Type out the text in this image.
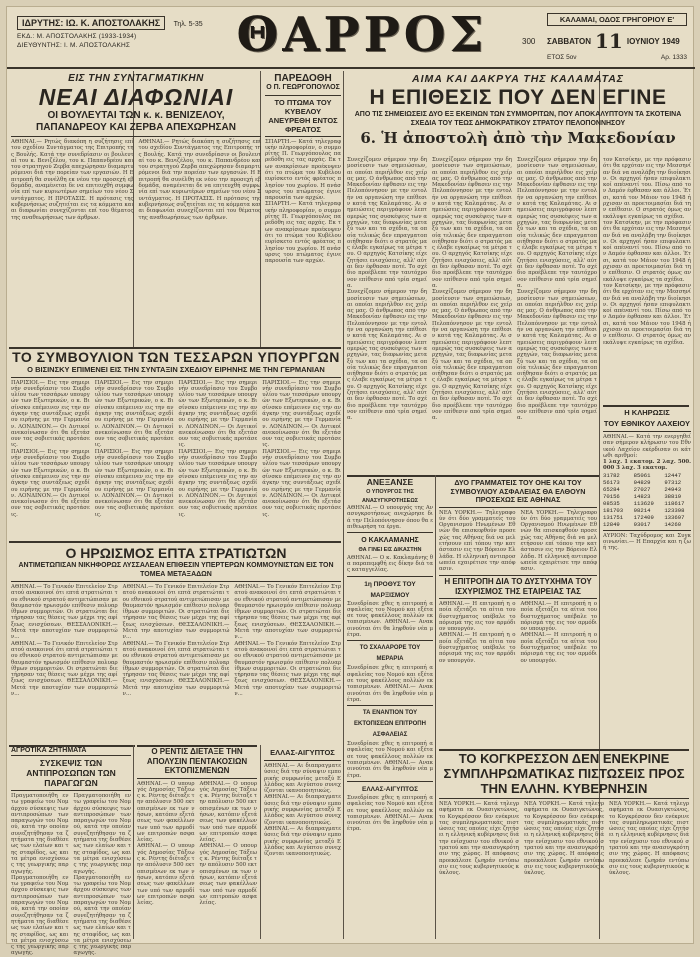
ΙΔΡΥΤΗΣ: ΙΩ. Κ. ΑΠΟΣΤΟΛΑΚΗΣ Τηλ. 5-35
ΕΚΔ.: Μ. ΑΠΟΣΤΟΛΑΚΗΣ (1933-1934)
ΔΙΕΥΘΥΝΤΗΣ: Ι. Μ. ΑΠΟΣΤΟΛΑΚΗΣ	ΘΑΡΡΟΣ	300
ΚΑΛΑΜΑΙ, ΟΔΟΣ ΓΡΗΓΟΡΙΟΥ Ε'
ΣΑΒΒΑΤΟΝ 11 ΙΟΥΝΙΟΥ 1949
ΕΤΟΣ 5ον	Αρ. 1333
ΕΙΣ ΤΗΝ ΣΥΝΤΑΓΜΑΤΙΚΗΝ
ΝΕΑΙ ΔΙΑΦΩΝΙΑΙ
ΟΙ ΒΟΥΛΕΥΤΑΙ ΤΩΝ κ. κ. ΒΕΝΙΖΕΛΟΥ, ΠΑΠΑΝΔΡΕΟΥ ΚΑΙ ΖΕΡΒΑ ΑΠΕΧΩΡΗΣΑΝ

ΑΘΗΝΑΙ.— Ρητώς διακόπη η συζήτησις επί του σχεδίου Συντάγματος της Επιτροπής της Βουλής. Κατά την συνεδρίασιν οι βουλευταί του κ. Βενιζέλου, του κ. Παπανδρέου και του στρατηγού Ζερβα απεχώρησαν διαμαρτυρόμενοι διά την πορείαν των εργασιών. Η Επιτροπή θα συνέλθη εκ νέου την προσεχή εβδομάδα, αναμένεται δε να επιτευχθή συμφωνία επί των κυριωτέρων σημείων του νέου Συντάγματος. Η ΠΡΟΤΑΣΙΣ. Η πρότασις της κυβερνήσεως συζητείται εις τα κόμματα και αι διαφωνίαι συνεχίζονται επί του θέματος της αναθεωρήσεως των άρθρων.

ΑΘΗΝΑΙ.— Ρητώς διακόπη η συζήτησις επί του σχεδίου Συντάγματος της Επιτροπής της Βουλής. Κατά την συνεδρίασιν οι βουλευταί του κ. Βενιζέλου, του κ. Παπανδρέου και του στρατηγού Ζερβα απεχώρησαν διαμαρτυρόμενοι διά την πορείαν των εργασιών. Η Επιτροπή θα συνέλθη εκ νέου την προσεχή εβδομάδα, αναμένεται δε να επιτευχθή συμφωνία επί των κυριωτέρων σημείων του νέου Συντάγματος. Η ΠΡΟΤΑΣΙΣ. Η πρότασις της κυβερνήσεως συζητείται εις τα κόμματα και αι διαφωνίαι συνεχίζονται επί του θέματος της αναθεωρήσεως των άρθρων.

ΠΑΡΕΔΟΘΗ
Ο Π. ΓΕΩΡΓΟΠΟΥΛΟΣ
ΤΟ ΠΤΩΜΑ ΤΟΥ ΚΥΒΕΛΟΥ ΑΝΕΥΡΕΘΗ ΕΝΤΟΣ ΦΡΕΑΤΟΣ

ΣΠΑΡΤΗ.— Κατά τηλεγραφικήν πληροφορίαν, ο συμμορίτης Π. Γεωργόπουλος παρεδόθη εις τας αρχάς. Εκ των ανακρίσεων προέκυψεν ότι το πτώμα του Κυβέλου ευρίσκετο εντός φρέατος πλησίον του χωρίου. Η ανάσυρσις του πτώματος έγινε παρουσία των αρχών.

ΣΠΑΡΤΗ.— Κατά τηλεγραφικήν πληροφορίαν, ο συμμορίτης Π. Γεωργόπουλος παρεδόθη εις τας αρχάς. Εκ των ανακρίσεων προέκυψεν ότι το πτώμα του Κυβέλου ευρίσκετο εντός φρέατος πλησίον του χωρίου. Η ανάσυρσις του πτώματος έγινε παρουσία των αρχών.

ΑΙΜΑ ΚΑΙ ΔΑΚΡΥΑ ΤΗΣ ΚΑΛΑΜΑΤΑΣ
Η ΕΠΙΘΕΣΙΣ ΠΟΥ ΔΕΝ ΕΓΙΝΕ
ΑΠΟ ΤΙΣ ΣΗΜΕΙΩΣΕΙΣ ΔΥΟ ΕΞ ΕΚΕΙΝΩΝ ΤΩΝ ΣΥΜΜΟΡΙΤΩΝ, ΠΟΥ ΑΠΟΚΑΛΥΠΤΟΥΝ ΤΑ ΣΚΟΤΕΙΝΑ ΣΧΕΔΙΑ ΤΟΥ ΤΕΩΣ ΔΗΜΟΚΡΑΤΙΚΟΥ ΣΤΡΑΤΟΥ ΠΕΛΟΠΟΝΝΗΣΟΥ
6. Ἡ ἀποστολὴ ἀπὸ τὴν Μακεδονίαν

Συνεχίζομεν σήμερον την δημοσίευσιν των σημειώσεων, αι οποίαι περιήλθον εις χείρας μας. Ο άνθρωπος από την Μακεδονίαν έφθασεν εις την Πελοπόννησον με την εντολήν να οργανώση την επίθεσιν κατά της Καλαμάτας. Αι σημειώσεις περιγράφουν λεπτομερώς τας συσκέψεις των αρχηγών, τας διαφωνίας μεταξύ των και τα σχέδια, τα οποία τελικώς δεν επραγματοποιήθησαν διότι ο στρατός μας έλαβε εγκαίρως τα μέτρα του. Ο αρχηγός Κατσίκης είχε ζητήσει ενισχύσεις, αλλ' αύται δεν έφθασαν ποτέ. Το σχέδιο προέβλεπε την ταυτόχρονον επίθεσιν από τρία σημεία.

Συνεχίζομεν σήμερον την δημοσίευσιν των σημειώσεων, αι οποίαι περιήλθον εις χείρας μας. Ο άνθρωπος από την Μακεδονίαν έφθασεν εις την Πελοπόννησον με την εντολήν να οργανώση την επίθεσιν κατά της Καλαμάτας. Αι σημειώσεις περιγράφουν λεπτομερώς τας συσκέψεις των αρχηγών, τας διαφωνίας μεταξύ των και τα σχέδια, τα οποία τελικώς δεν επραγματοποιήθησαν διότι ο στρατός μας έλαβε εγκαίρως τα μέτρα του. Ο αρχηγός Κατσίκης είχε ζητήσει ενισχύσεις, αλλ' αύται δεν έφθασαν ποτέ. Το σχέδιο προέβλεπε την ταυτόχρονον επίθεσιν από τρία σημεία.

Συνεχίζομεν σήμερον την δημοσίευσιν των σημειώσεων, αι οποίαι περιήλθον εις χείρας μας. Ο άνθρωπος από την Μακεδονίαν έφθασεν εις την Πελοπόννησον με την εντολήν να οργανώση την επίθεσιν κατά της Καλαμάτας. Αι σημειώσεις περιγράφουν λεπτομερώς τας συσκέψεις των αρχηγών, τας διαφωνίας μεταξύ των και τα σχέδια, τα οποία τελικώς δεν επραγματοποιήθησαν διότι ο στρατός μας έλαβε εγκαίρως τα μέτρα του. Ο αρχηγός Κατσίκης είχε ζητήσει ενισχύσεις, αλλ' αύται δεν έφθασαν ποτέ. Το σχέδιο προέβλεπε την ταυτόχρονον επίθεσιν από τρία σημεία.

Συνεχίζομεν σήμερον την δημοσίευσιν των σημειώσεων, αι οποίαι περιήλθον εις χείρας μας. Ο άνθρωπος από την Μακεδονίαν έφθασεν εις την Πελοπόννησον με την εντολήν να οργανώση την επίθεσιν κατά της Καλαμάτας. Αι σημειώσεις περιγράφουν λεπτομερώς τας συσκέψεις των αρχηγών, τας διαφωνίας μεταξύ των και τα σχέδια, τα οποία τελικώς δεν επραγματοποιήθησαν διότι ο στρατός μας έλαβε εγκαίρως τα μέτρα του. Ο αρχηγός Κατσίκης είχε ζητήσει ενισχύσεις, αλλ' αύται δεν έφθασαν ποτέ. Το σχέδιο προέβλεπε την ταυτόχρονον επίθεσιν από τρία σημεία.

Συνεχίζομεν σήμερον την δημοσίευσιν των σημειώσεων, αι οποίαι περιήλθον εις χείρας μας. Ο άνθρωπος από την Μακεδονίαν έφθασεν εις την Πελοπόννησον με την εντολήν να οργανώση την επίθεσιν κατά της Καλαμάτας. Αι σημειώσεις περιγράφουν λεπτομερώς τας συσκέψεις των αρχηγών, τας διαφωνίας μεταξύ των και τα σχέδια, τα οποία τελικώς δεν επραγματοποιήθησαν διότι ο στρατός μας έλαβε εγκαίρως τα μέτρα του. Ο αρχηγός Κατσίκης είχε ζητήσει ενισχύσεις, αλλ' αύται δεν έφθασαν ποτέ. Το σχέδιο προέβλεπε την ταυτόχρονον επίθεσιν από τρία σημεία.

Συνεχίζομεν σήμερον την δημοσίευσιν των σημειώσεων, αι οποίαι περιήλθον εις χείρας μας. Ο άνθρωπος από την Μακεδονίαν έφθασεν εις την Πελοπόννησον με την εντολήν να οργανώση την επίθεσιν κατά της Καλαμάτας. Αι σημειώσεις περιγράφουν λεπτομερώς τας συσκέψεις των αρχηγών, τας διαφωνίας μεταξύ των και τα σχέδια, τα οποία τελικώς δεν επραγματοποιήθησαν διότι ο στρατός μας έλαβε εγκαίρως τα μέτρα του. Ο αρχηγός Κατσίκης είχε ζητήσει ενισχύσεις, αλλ' αύται δεν έφθασαν ποτέ. Το σχέδιο προέβλεπε την ταυτόχρονον επίθεσιν από τρία σημεία.

τον Κατσίκην, με την πρόφασιν ότι θα ερχόταν εις την Μεσσηνίαν διά να αναλάβη την διοίκησιν. Οι αρχηγοί ήσαν επιφυλακτικοί απέναντί του. Πίσω από τον Δαμόν έφθασαν και άλλοι. Έτσι, κατά τον Μάιον του 1948 ήρχισαν αι προετοιμασίαι διά την επίθεσιν. Ο στρατός όμως ανεκάλυψε εγκαίρως τα σχέδια.

τον Κατσίκην, με την πρόφασιν ότι θα ερχόταν εις την Μεσσηνίαν διά να αναλάβη την διοίκησιν. Οι αρχηγοί ήσαν επιφυλακτικοί απέναντί του. Πίσω από τον Δαμόν έφθασαν και άλλοι. Έτσι, κατά τον Μάιον του 1948 ήρχισαν αι προετοιμασίαι διά την επίθεσιν. Ο στρατός όμως ανεκάλυψε εγκαίρως τα σχέδια.

τον Κατσίκην, με την πρόφασιν ότι θα ερχόταν εις την Μεσσηνίαν διά να αναλάβη την διοίκησιν. Οι αρχηγοί ήσαν επιφυλακτικοί απέναντί του. Πίσω από τον Δαμόν έφθασαν και άλλοι. Έτσι, κατά τον Μάιον του 1948 ήρχισαν αι προετοιμασίαι διά την επίθεσιν. Ο στρατός όμως ανεκάλυψε εγκαίρως τα σχέδια.

ΤΟ ΣΥΜΒΟΥΛΙΟΝ ΤΩΝ ΤΕΣΣΑΡΩΝ ΥΠΟΥΡΓΩΝ
Ο ΒΙΣΙΝΣΚΥ ΕΠΙΜΕΝΕΙ ΕΙΣ ΤΗΝ ΣΥΝΤΑΞΙΝ ΣΧΕΔΙΟΥ ΕΙΡΗΝΗΣ ΜΕ ΤΗΝ ΓΕΡΜΑΝΙΑΝ

ΠΑΡΙΣΙΟΙ.— Εις την σημερινήν συνεδρίασιν του Συμβουλίου των τεσσάρων υπουργών των Εξωτερικών, ο κ. Βισίνσκυ επέμεινεν εις την ανάγκην της συντάξεως σχεδίου ειρήνης με την Γερμανίαν. ΛΟΝΔΙΝΟΝ.— Οι Δυτικοί ανεκοίνωσαν ότι θα εξετάσουν τας σοβιετικάς προτάσεις.

ΠΑΡΙΣΙΟΙ.— Εις την σημερινήν συνεδρίασιν του Συμβουλίου των τεσσάρων υπουργών των Εξωτερικών, ο κ. Βισίνσκυ επέμεινεν εις την ανάγκην της συντάξεως σχεδίου ειρήνης με την Γερμανίαν. ΛΟΝΔΙΝΟΝ.— Οι Δυτικοί ανεκοίνωσαν ότι θα εξετάσουν τας σοβιετικάς προτάσεις.

ΠΑΡΙΣΙΟΙ.— Εις την σημερινήν συνεδρίασιν του Συμβουλίου των τεσσάρων υπουργών των Εξωτερικών, ο κ. Βισίνσκυ επέμεινεν εις την ανάγκην της συντάξεως σχεδίου ειρήνης με την Γερμανίαν. ΛΟΝΔΙΝΟΝ.— Οι Δυτικοί ανεκοίνωσαν ότι θα εξετάσουν τας σοβιετικάς προτάσεις.

ΠΑΡΙΣΙΟΙ.— Εις την σημερινήν συνεδρίασιν του Συμβουλίου των τεσσάρων υπουργών των Εξωτερικών, ο κ. Βισίνσκυ επέμεινεν εις την ανάγκην της συντάξεως σχεδίου ειρήνης με την Γερμανίαν. ΛΟΝΔΙΝΟΝ.— Οι Δυτικοί ανεκοίνωσαν ότι θα εξετάσουν τας σοβιετικάς προτάσεις.

ΠΑΡΙΣΙΟΙ.— Εις την σημερινήν συνεδρίασιν του Συμβουλίου των τεσσάρων υπουργών των Εξωτερικών, ο κ. Βισίνσκυ επέμεινεν εις την ανάγκην της συντάξεως σχεδίου ειρήνης με την Γερμανίαν. ΛΟΝΔΙΝΟΝ.— Οι Δυτικοί ανεκοίνωσαν ότι θα εξετάσουν τας σοβιετικάς προτάσεις.

ΠΑΡΙΣΙΟΙ.— Εις την σημερινήν συνεδρίασιν του Συμβουλίου των τεσσάρων υπουργών των Εξωτερικών, ο κ. Βισίνσκυ επέμεινεν εις την ανάγκην της συντάξεως σχεδίου ειρήνης με την Γερμανίαν. ΛΟΝΔΙΝΟΝ.— Οι Δυτικοί ανεκοίνωσαν ότι θα εξετάσουν τας σοβιετικάς προτάσεις.

ΠΑΡΙΣΙΟΙ.— Εις την σημερινήν συνεδρίασιν του Συμβουλίου των τεσσάρων υπουργών των Εξωτερικών, ο κ. Βισίνσκυ επέμεινεν εις την ανάγκην της συντάξεως σχεδίου ειρήνης με την Γερμανίαν. ΛΟΝΔΙΝΟΝ.— Οι Δυτικοί ανεκοίνωσαν ότι θα εξετάσουν τας σοβιετικάς προτάσεις.

ΠΑΡΙΣΙΟΙ.— Εις την σημερινήν συνεδρίασιν του Συμβουλίου των τεσσάρων υπουργών των Εξωτερικών, ο κ. Βισίνσκυ επέμεινεν εις την ανάγκην της συντάξεως σχεδίου ειρήνης με την Γερμανίαν. ΛΟΝΔΙΝΟΝ.— Οι Δυτικοί ανεκοίνωσαν ότι θα εξετάσουν τας σοβιετικάς προτάσεις.

Ο ΗΡΩΙΣΜΟΣ ΕΠΤΑ ΣΤΡΑΤΙΩΤΩΝ
ΑΝΤΙΜΕΤΩΠΙΣΑΝ ΝΙΚΗΦΟΡΩΣ ΛΥΣΣΑΛΕΑΝ ΕΠΙΘΕΣΙΝ ΥΠΕΡΤΕΡΩΝ ΚΟΜΜΟΥΝΙΣΤΩΝ ΕΙΣ ΤΟΝ ΤΟΜΕΑ ΜΕΤΑΞΑΔΩΝ

ΑΘΗΝΑΙ.— Το Γενικόν Επιτελείον Στρατού ανακοινοί ότι επτά στρατιώται του εθνικού στρατού αντιμετώπισαν με θαυμαστόν ηρωισμόν επίθεσιν πολυαρίθμων συμμοριτών. Οι στρατιώται διετήρησαν τας θέσεις των μέχρι της αφίξεως ενισχύσεων. ΘΕΣΣΑΛΟΝΙΚΗ.— Μετά την αποτυχίαν των συμμοριτών...

ΑΘΗΝΑΙ.— Το Γενικόν Επιτελείον Στρατού ανακοινοί ότι επτά στρατιώται του εθνικού στρατού αντιμετώπισαν με θαυμαστόν ηρωισμόν επίθεσιν πολυαρίθμων συμμοριτών. Οι στρατιώται διετήρησαν τας θέσεις των μέχρι της αφίξεως ενισχύσεων. ΘΕΣΣΑΛΟΝΙΚΗ.— Μετά την αποτυχίαν των συμμοριτών...

ΑΘΗΝΑΙ.— Το Γενικόν Επιτελείον Στρατού ανακοινοί ότι επτά στρατιώται του εθνικού στρατού αντιμετώπισαν με θαυμαστόν ηρωισμόν επίθεσιν πολυαρίθμων συμμοριτών. Οι στρατιώται διετήρησαν τας θέσεις των μέχρι της αφίξεως ενισχύσεων. ΘΕΣΣΑΛΟΝΙΚΗ.— Μετά την αποτυχίαν των συμμοριτών...

ΑΘΗΝΑΙ.— Το Γενικόν Επιτελείον Στρατού ανακοινοί ότι επτά στρατιώται του εθνικού στρατού αντιμετώπισαν με θαυμαστόν ηρωισμόν επίθεσιν πολυαρίθμων συμμοριτών. Οι στρατιώται διετήρησαν τας θέσεις των μέχρι της αφίξεως ενισχύσεων. ΘΕΣΣΑΛΟΝΙΚΗ.— Μετά την αποτυχίαν των συμμοριτών...

ΑΘΗΝΑΙ.— Το Γενικόν Επιτελείον Στρατού ανακοινοί ότι επτά στρατιώται του εθνικού στρατού αντιμετώπισαν με θαυμαστόν ηρωισμόν επίθεσιν πολυαρίθμων συμμοριτών. Οι στρατιώται διετήρησαν τας θέσεις των μέχρι της αφίξεως ενισχύσεων. ΘΕΣΣΑΛΟΝΙΚΗ.— Μετά την αποτυχίαν των συμμοριτών...

ΑΘΗΝΑΙ.— Το Γενικόν Επιτελείον Στρατού ανακοινοί ότι επτά στρατιώται του εθνικού στρατού αντιμετώπισαν με θαυμαστόν ηρωισμόν επίθεσιν πολυαρίθμων συμμοριτών. Οι στρατιώται διετήρησαν τας θέσεις των μέχρι της αφίξεως ενισχύσεων. ΘΕΣΣΑΛΟΝΙΚΗ.— Μετά την αποτυχίαν των συμμοριτών...

ΑΓΡΟΤΙΚΑ ΖΗΤΗΜΑΤΑ
ΣΥΣΚΕΨΙΣ ΤΩΝ ΑΝΤΙΠΡΟΣΩΠΩΝ ΤΩΝ ΠΑΡΑΓΩΓΩΝ

Πραγματοποιήθη εν τω γραφείω του Νομάρχου σύσκεψις των αντιπροσώπων των παραγωγών του Νομού, κατά την οποίαν συνεζητήθησαν τα ζητήματα της διαθέσεως των ελαίων και της σταφίδος, ως και τα μέτρα ενισχύσεως της γεωργικής παραγωγής.

Πραγματοποιήθη εν τω γραφείω του Νομάρχου σύσκεψις των αντιπροσώπων των παραγωγών του Νομού, κατά την οποίαν συνεζητήθησαν τα ζητήματα της διαθέσεως των ελαίων και της σταφίδος, ως και τα μέτρα ενισχύσεως της γεωργικής παραγωγής.

Πραγματοποιήθη εν τω γραφείω του Νομάρχου σύσκεψις των αντιπροσώπων των παραγωγών του Νομού, κατά την οποίαν συνεζητήθησαν τα ζητήματα της διαθέσεως των ελαίων και της σταφίδος, ως και τα μέτρα ενισχύσεως της γεωργικής παραγωγής.

Πραγματοποιήθη εν τω γραφείω του Νομάρχου σύσκεψις των αντιπροσώπων των παραγωγών του Νομού, κατά την οποίαν συνεζητήθησαν τα ζητήματα της διαθέσεως των ελαίων και της σταφίδος, ως και τα μέτρα ενισχύσεως της γεωργικής παραγωγής.

Ο ΡΕΝΤΙΣ ΔΙΕΤΑΞΕ ΤΗΝ ΑΠΟΛΥΣΙΝ ΠΕΝΤΑΚΟΣΙΩΝ ΕΚΤΟΠΙΣΜΕΝΩΝ

ΑΘΗΝΑΙ.— Ο υπουργός Δημοσίας Τάξεως κ. Ρέντης διέταξε την απόλυσιν 500 εκτοπισμένων εκ των νήσων, κατόπιν εξετάσεως των φακέλλων των υπό των αρμοδίων επιτροπών ασφαλείας.

ΑΘΗΝΑΙ.— Ο υπουργός Δημοσίας Τάξεως κ. Ρέντης διέταξε την απόλυσιν 500 εκτοπισμένων εκ των νήσων, κατόπιν εξετάσεως των φακέλλων των υπό των αρμοδίων επιτροπών ασφαλείας.

ΑΘΗΝΑΙ.— Ο υπουργός Δημοσίας Τάξεως κ. Ρέντης διέταξε την απόλυσιν 500 εκτοπισμένων εκ των νήσων, κατόπιν εξετάσεως των φακέλλων των υπό των αρμοδίων επιτροπών ασφαλείας.

ΑΘΗΝΑΙ.— Ο υπουργός Δημοσίας Τάξεως κ. Ρέντης διέταξε την απόλυσιν 500 εκτοπισμένων εκ των νήσων, κατόπιν εξετάσεως των φακέλλων των υπό των αρμοδίων επιτροπών ασφαλείας.

ΕΛΛΑΣ-ΑΙΓΥΠΤΟΣ

ΑΘΗΝΑΙ.— Αι διαπραγματεύσεις διά την σύναψιν εμπορικής συμφωνίας μεταξύ Ελλάδος και Αιγύπτου συνεχίζονται ικανοποιητικώς.

ΑΘΗΝΑΙ.— Αι διαπραγματεύσεις διά την σύναψιν εμπορικής συμφωνίας μεταξύ Ελλάδος και Αιγύπτου συνεχίζονται ικανοποιητικώς.

ΑΘΗΝΑΙ.— Αι διαπραγματεύσεις διά την σύναψιν εμπορικής συμφωνίας μεταξύ Ελλάδος και Αιγύπτου συνεχίζονται ικανοποιητικώς.

ΑΝΕΞΑΝΣΕ
Ο ΥΠΟΥΡΓΟΣ ΤΗΣ ΑΝΑΣΥΓΚΡΟΤΗΣΕΩΣ

ΑΘΗΝΑΙ.— Ο υπουργός της Ανασυγκροτήσεως ανεχώρησε διά την Πελοπόννησον όπου θα επιθεωρήση τα έργα.

Ο ΚΑΚΛΑΜΑΝΗΣ
ΘΑ ΓΙΝΕΙ ΕΙΣ ΔΙΚΑΣΤΗΝ

ΑΘΗΝΑΙ.— Ο κ. Κακλαμάνης θα παραπεμφθή εις δίκην διά τας καταγγελίας.

1η ΠΡΟΘΥΣ ΤΟΥ ΜΑΡΞΙΣΜΟΥ

Συνεδρίασε χθες η επιτροπή ασφαλείας του Νομού και εξέτασε τους φακέλλους πολλών εκτοπισμένων. ΑΘΗΝΑΙ.— Ανακοινούται ότι θα ληφθούν νέα μέτρα.

ΤΟ ΣΧΑΛΑΡΟΡΕ ΤΟΥ ΜΕΡΑΡΙΑ

Συνεδρίασε χθες η επιτροπή ασφαλείας του Νομού και εξέτασε τους φακέλλους πολλών εκτοπισμένων. ΑΘΗΝΑΙ.— Ανακοινούται ότι θα ληφθούν νέα μέτρα.

ΤΑ ΕΝΑΝΤΙΟΝ ΤΟΥ ΕΚΤΟΠΙΣΕΩΝ ΕΠΙΤΡΟΠΗ ΑΣΦΑΛΕΙΑΣ

Συνεδρίασε χθες η επιτροπή ασφαλείας του Νομού και εξέτασε τους φακέλλους πολλών εκτοπισμένων. ΑΘΗΝΑΙ.— Ανακοινούται ότι θα ληφθούν νέα μέτρα.

ΕΛΛΑΣ-ΑΙΓΥΠΤΟΣ

Συνεδρίασε χθες η επιτροπή ασφαλείας του Νομού και εξέτασε τους φακέλλους πολλών εκτοπισμένων. ΑΘΗΝΑΙ.— Ανακοινούται ότι θα ληφθούν νέα μέτρα.

ΔΥΟ ΓΡΑΜΜΑΤΕΙΣ ΤΟΥ ΟΗΕ ΚΑΙ ΤΟΥ ΣΥΜΒΟΥΛΙΟΥ ΑΣΦΑΛΕΙΑΣ ΘΑ ΕΛΘΟΥΝ ΠΡΟΣΕΧΩΣ ΕΙΣ ΑΘΗΝΑΣ

ΝΕΑ ΥΟΡΚΗ.— Τηλεγραφούν ότι δύο γραμματείς του Οργανισμού Ηνωμένων Εθνών θα επισκεφθούν προσεχώς τας Αθήνας διά να μελετήσουν επί τόπου την κατάστασιν εις την Βόρειον Ελλάδα. Η ελληνική αντιπροσωπεία εχαιρέτισε την απόφασιν.

ΝΕΑ ΥΟΡΚΗ.— Τηλεγραφούν ότι δύο γραμματείς του Οργανισμού Ηνωμένων Εθνών θα επισκεφθούν προσεχώς τας Αθήνας διά να μελετήσουν επί τόπου την κατάστασιν εις την Βόρειον Ελλάδα. Η ελληνική αντιπροσωπεία εχαιρέτισε την απόφασιν.

Η ΕΠΙΤΡΟΠΗ ΔΙΑ ΤΟ ΔΥΣΤΥΧΗΜΑ ΤΟΥ ΙΣΧΥΡΙΣΜΟΣ ΤΗΣ ΕΤΑΙΡΕΙΑΣ ΤΑΣ

ΑΘΗΝΑΙ.— Η επιτροπή η οποία εξετάζει τα αίτια του δυστυχήματος υπέβαλε το πόρισμά της εις τον αρμόδιον υπουργόν.

ΑΘΗΝΑΙ.— Η επιτροπή η οποία εξετάζει τα αίτια του δυστυχήματος υπέβαλε το πόρισμά της εις τον αρμόδιον υπουργόν.

ΑΘΗΝΑΙ.— Η επιτροπή η οποία εξετάζει τα αίτια του δυστυχήματος υπέβαλε το πόρισμά της εις τον αρμόδιον υπουργόν.

ΑΘΗΝΑΙ.— Η επιτροπή η οποία εξετάζει τα αίτια του δυστυχήματος υπέβαλε το πόρισμά της εις τον αρμόδιον υπουργόν.

ΤΟ ΚΟΓΚΡΕΣΣΟΝ ΔΕΝ ΕΝΕΚΡΙΝΕ ΣΥΜΠΛΗΡΩΜΑΤΙΚΑΣ ΠΙΣΤΩΣΕΙΣ ΠΡΟΣ ΤΗΝ ΕΛΛΗΝ. ΚΥΒΕΡΝΗΣΙΝ

ΝΕΑ ΥΟΡΚΗ.— Κατά τηλεγραφήματα εκ Ουασιγκτώνος, το Κογκρέσσον δεν ενέκρινε τας συμπληρωματικάς πιστώσεις τας οποίας είχε ζητήσει η ελληνική κυβέρνησις διά την ενίσχυσιν του εθνικού στρατού και την ανασυγκρότησιν της χώρας. Η απόφασις προεκάλεσε ζωηράν εντύπωσιν εις τους κυβερνητικούς κύκλους.

ΝΕΑ ΥΟΡΚΗ.— Κατά τηλεγραφήματα εκ Ουασιγκτώνος, το Κογκρέσσον δεν ενέκρινε τας συμπληρωματικάς πιστώσεις τας οποίας είχε ζητήσει η ελληνική κυβέρνησις διά την ενίσχυσιν του εθνικού στρατού και την ανασυγκρότησιν της χώρας. Η απόφασις προεκάλεσε ζωηράν εντύπωσιν εις τους κυβερνητικούς κύκλους.

ΝΕΑ ΥΟΡΚΗ.— Κατά τηλεγραφήματα εκ Ουασιγκτώνος, το Κογκρέσσον δεν ενέκρινε τας συμπληρωματικάς πιστώσεις τας οποίας είχε ζητήσει η ελληνική κυβέρνησις διά την ενίσχυσιν του εθνικού στρατού και την ανασυγκρότησιν της χώρας. Η απόφασις προεκάλεσε ζωηράν εντύπωσιν εις τους κυβερνητικούς κύκλους.

Η ΚΛΗΡΩΣΙΣ
ΤΟΥ ΕΘΝΙΚΟΥ ΛΑΧΕΙΟΥ

ΑΘΗΝΑΙ.— Κατά την ενεργηθείσαν σήμερον κλήρωσιν του Εθνικού Λαχείου εκέρδισαν οι κάτωθι αριθμοί:

1 λαχ. 1 εκατομ. 2 λαχ. 500.000 3 λαχ. 3 εκατομ.

31782	85061	12447
56173	04829	97312
65284	27027	24943
70156	14823	38819
08535	113629	118617
181703	98214	123398
131751	172409	133697
12849	93017	14260

ΑΥΡΙΟΝ: Ταχύδρομος και Συγκοινωνίαι.— Η Επαρχία και η ζωή της.
